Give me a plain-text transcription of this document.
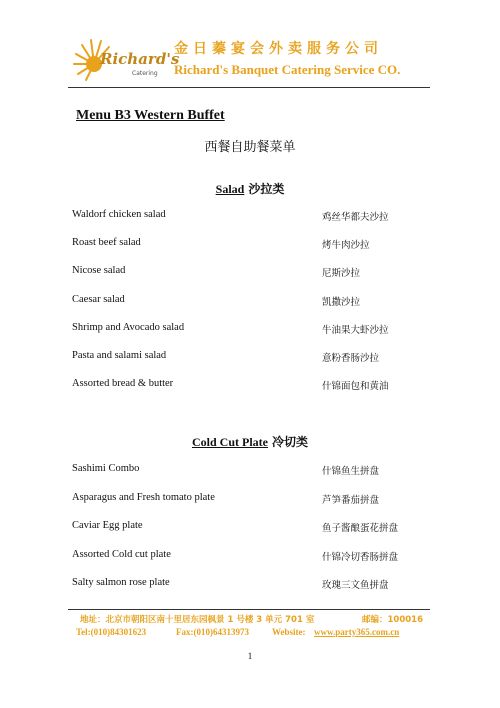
Richard's
Catering
金日蓁宴会外卖服务公司
Richard's Banquet Catering Service CO.
Menu B3 Western Buffet
西餐自助餐菜单
Salad 沙拉类
Waldorf chicken salad	鸡丝华都夫沙拉
Roast beef salad	烤牛肉沙拉
Nicose salad	尼斯沙拉
Caesar salad	凯撒沙拉
Shrimp and Avocado salad	牛油果大虾沙拉
Pasta and salami salad	意粉香肠沙拉
Assorted bread & butter	什锦面包和黄油
Cold Cut Plate 冷切类
Sashimi Combo	什锦鱼生拼盘
Asparagus and Fresh tomato plate	芦笋番茄拼盘
Caviar Egg plate	鱼子酱酿蛋花拼盘
Assorted Cold cut plate	什锦冷切香肠拼盘
Salty salmon rose plate	玫瑰三文鱼拼盘
地址：北京市朝阳区南十里居东园枫景 1 号楼 3 单元 701 室	邮编：100016
Tel:(010)84301623	Fax:(010)64313973	Website: www.party365.com.cn
1
